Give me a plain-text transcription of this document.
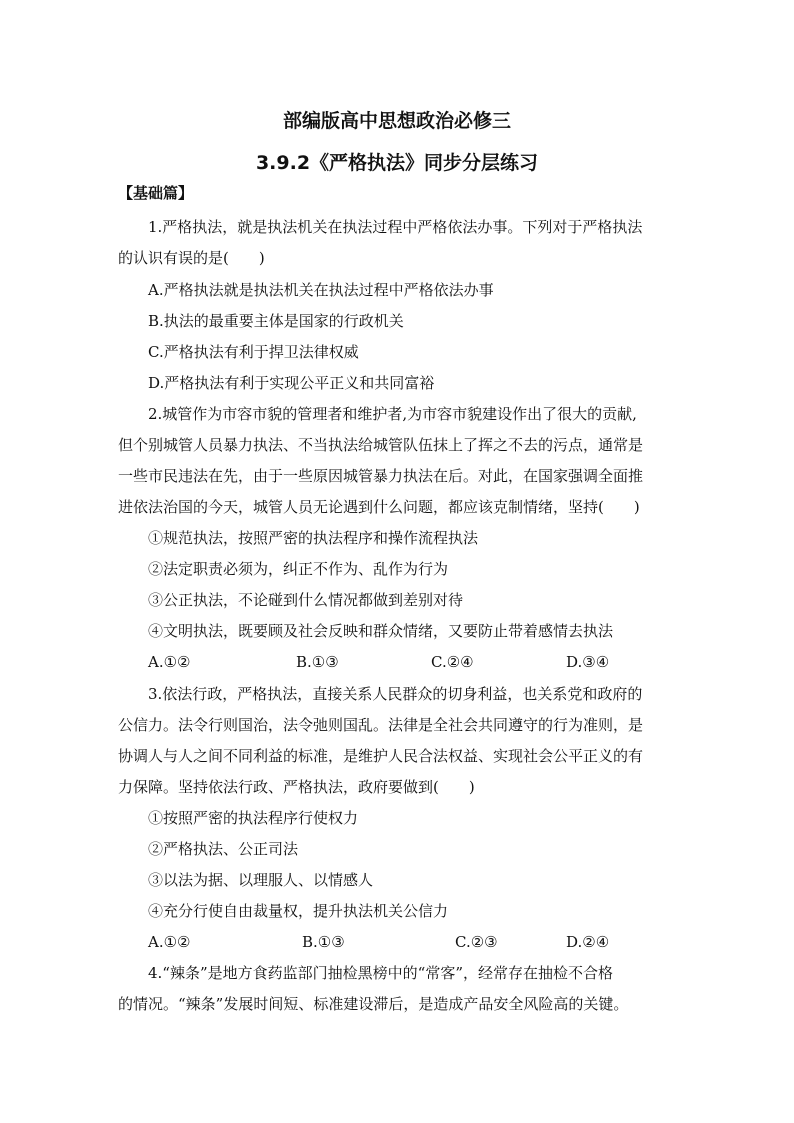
部编版高中思想政治必修三
3.9.2《严格执法》同步分层练习
【基础篇】
1.严格执法，就是执法机关在执法过程中严格依法办事。下列对于严格执法
的认识有误的是(　　)
A.严格执法就是执法机关在执法过程中严格依法办事
B.执法的最重要主体是国家的行政机关
C.严格执法有利于捍卫法律权威
D.严格执法有利于实现公平正义和共同富裕
2.城管作为市容市貌的管理者和维护者,为市容市貌建设作出了很大的贡献,
但个别城管人员暴力执法、不当执法给城管队伍抹上了挥之不去的污点，通常是
一些市民违法在先，由于一些原因城管暴力执法在后。对此，在国家强调全面推
进依法治国的今天，城管人员无论遇到什么问题，都应该克制情绪，坚持(　　)
①规范执法，按照严密的执法程序和操作流程执法
②法定职责必须为，纠正不作为、乱作为行为
③公正执法，不论碰到什么情况都做到差别对待
④文明执法，既要顾及社会反映和群众情绪，又要防止带着感情去执法
A.①②	B.①③	C.②④	D.③④
3.依法行政，严格执法，直接关系人民群众的切身利益，也关系党和政府的
公信力。法令行则国治，法令弛则国乱。法律是全社会共同遵守的行为准则，是
协调人与人之间不同利益的标准，是维护人民合法权益、实现社会公平正义的有
力保障。坚持依法行政、严格执法，政府要做到(　　)
①按照严密的执法程序行使权力
②严格执法、公正司法
③以法为据、以理服人、以情感人
④充分行使自由裁量权，提升执法机关公信力
A.①②	B.①③	C.②③	D.②④
4.“辣条”是地方食药监部门抽检黑榜中的“常客”，经常存在抽检不合格
的情况。“辣条”发展时间短、标准建设滞后，是造成产品安全风险高的关键。
